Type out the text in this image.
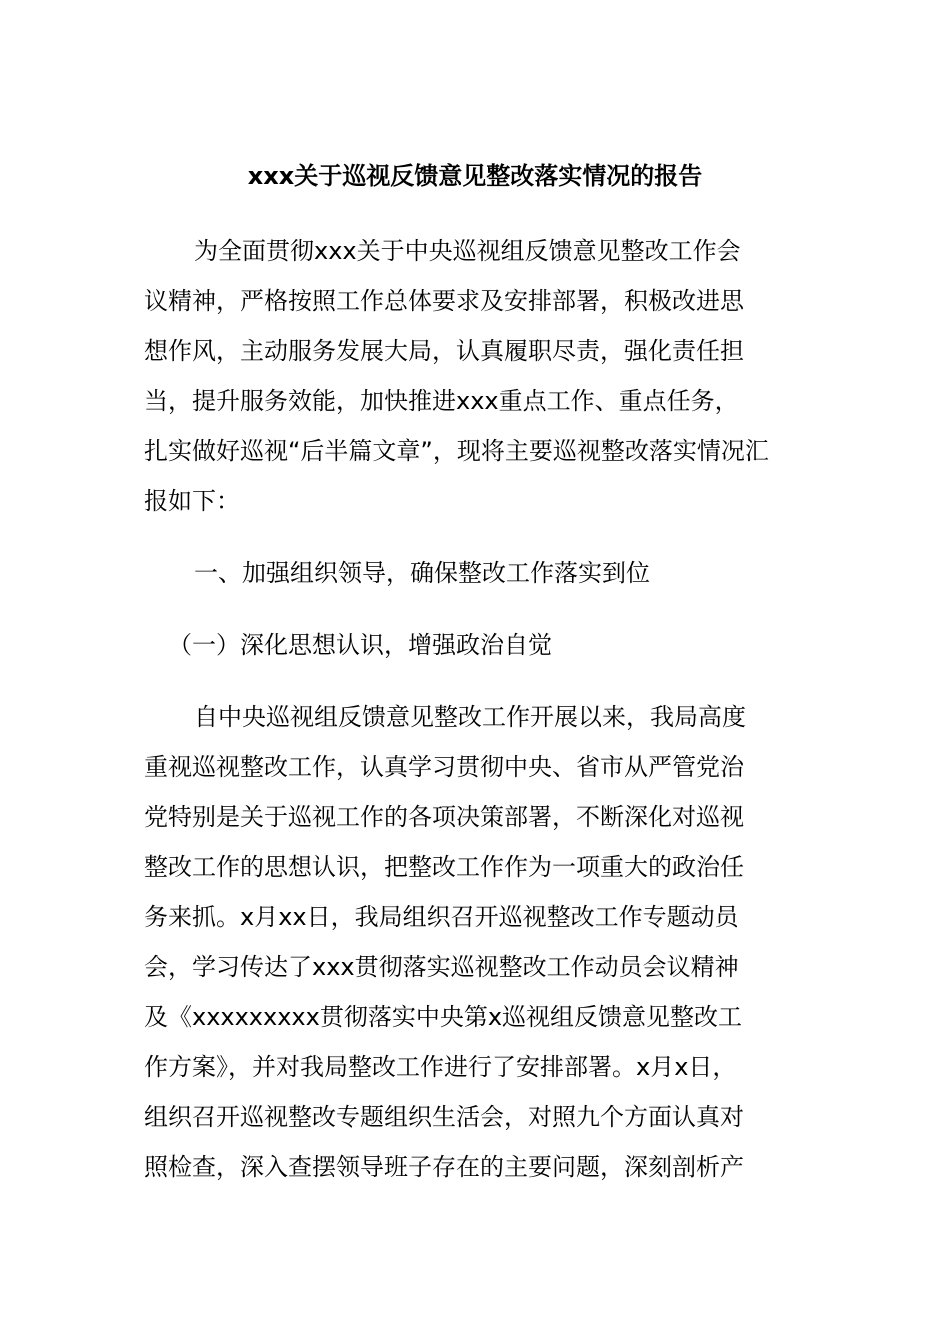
xxx关于巡视反馈意见整改落实情况的报告
为全面贯彻xxx关于中央巡视组反馈意见整改工作会
议精神，严格按照工作总体要求及安排部署，积极改进思
想作风，主动服务发展大局，认真履职尽责，强化责任担
当，提升服务效能，加快推进xxx重点工作、重点任务，
扎实做好巡视“后半篇文章”，现将主要巡视整改落实情况汇
报如下：
一、加强组织领导，确保整改工作落实到位
（一）深化思想认识，增强政治自觉
自中央巡视组反馈意见整改工作开展以来，我局高度
重视巡视整改工作，认真学习贯彻中央、省市从严管党治
党特别是关于巡视工作的各项决策部署，不断深化对巡视
整改工作的思想认识，把整改工作作为一项重大的政治任
务来抓。x月xx日，我局组织召开巡视整改工作专题动员
会，学习传达了xxx贯彻落实巡视整改工作动员会议精神
及《xxxxxxxxx贯彻落实中央第x巡视组反馈意见整改工
作方案》，并对我局整改工作进行了安排部署。x月x日，
组织召开巡视整改专题组织生活会，对照九个方面认真对
照检查，深入查摆领导班子存在的主要问题，深刻剖析产
